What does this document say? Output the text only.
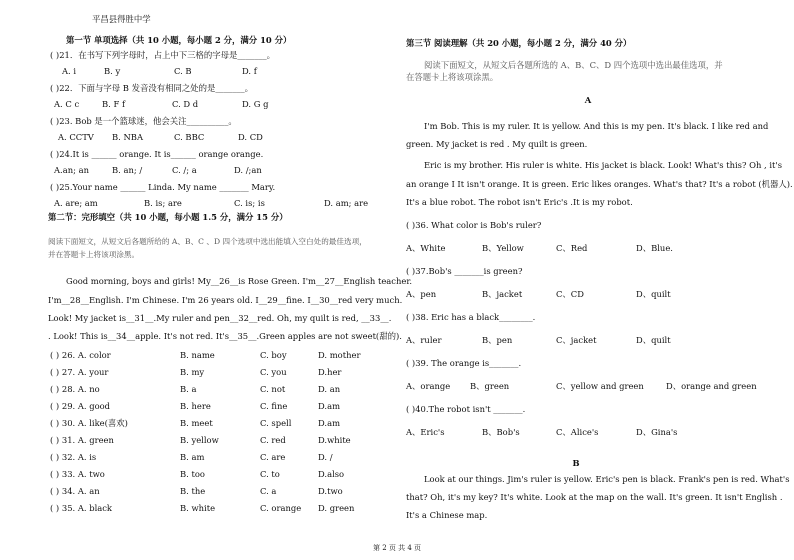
平昌县得胜中学
第一节 单项选择（共 10 小题，每小题 2 分，满分 10 分）
( )21．在书写下列字母时，占上中下三格的字母是_______。
A. i	B. y	C. B	D. f
( )22．下面与字母 B 发音没有相同之处的是_______。
A. C c	B. F f	C. D d	D. G g
( )23. Bob 是一个篮球迷，他会关注__________。
A. CCTV B. NBA	C. BBC	D. CD
( )24.It is ______ orange. It is______ orange orange.
A.an; an	B. an; /	C. /; a	D. /;an
( )25.Your name ______ Linda. My name _______ Mary.
A. are; am	B. is; are	C. is; is	D. am; are
第二节：完形填空（共 10 小题，每小题 1.5 分，满分 15 分）
阅读下面短文，从短文后各题所给的 A、B、C 、D 四个选项中选出能填入空白处的最佳选项，
并在答题卡上将该项涂黑。
Good morning, boys and girls! My__26__is Rose Green. I'm__27__English teacher.
I'm__28__English. I'm Chinese. I'm 26 years old. I__29__fine. I__30__red very much.
Look! My jacket is__31__.My ruler and pen__32__red. Oh, my quilt is red, __33__.
. Look! This is__34__apple. It's not red. It's__35__.Green apples are not sweet(甜的).
( ) 26. A. color	B. name	C. boy	D. mother
( ) 27. A. your	B. my	C. you	D.her
( ) 28. A. no	B. a	C. not	D. an
( ) 29. A. good	B. here	C. fine	D.am
( ) 30. A. like(喜欢)	B. meet	C. spell	D.am
( ) 31. A. green	B. yellow	C. red	D.white
( ) 32. A. is	B. am	C. are	D. /
( ) 33. A. two	B. too	C. to	D.also
( ) 34. A. an	B. the	C. a	D.two
( ) 35. A. black	B. white	C. orange D. green
第三节 阅读理解（共 20 小题，每小题 2 分，满分 40 分）
阅读下面短文，从短文后各题所选的 A、B、C、D 四个选项中选出最佳选项，并
在答题卡上将该项涂黑。
A
I'm Bob. This is my ruler. It is yellow. And this is my pen. It's black. I like red and
green. My jacket is red . My quilt is green.
Eric is my brother. His ruler is white. His jacket is black. Look! What's this? Oh , it's
an orange I It isn't orange. It is green. Eric likes oranges. What's that? It's a robot (机器人).
It's a blue robot. The robot isn't Eric's .It is my robot.
( )36. What color is Bob's ruler?
A、White	B、Yellow	C、Red	D、Blue.
( )37.Bob's _______is green?
A、pen	B、jacket	C、CD	D、quilt
( )38. Eric has a black________.
A、ruler	B、pen	C、jacket	D、quilt
( )39. The orange is_______.
A、orange B、green	C、yellow and green	D、orange and green
( )40.The robot isn't _______.
A、Eric's	B、Bob's	C、Alice's	D、Gina's
B
Look at our things. Jim's ruler is yellow. Eric's pen is black. Frank's pen is red. What's
that? Oh, it's my key? It's white. Look at the map on the wall. It's green. It isn't English .
It's a Chinese map.
第 2 页 共 4 页
